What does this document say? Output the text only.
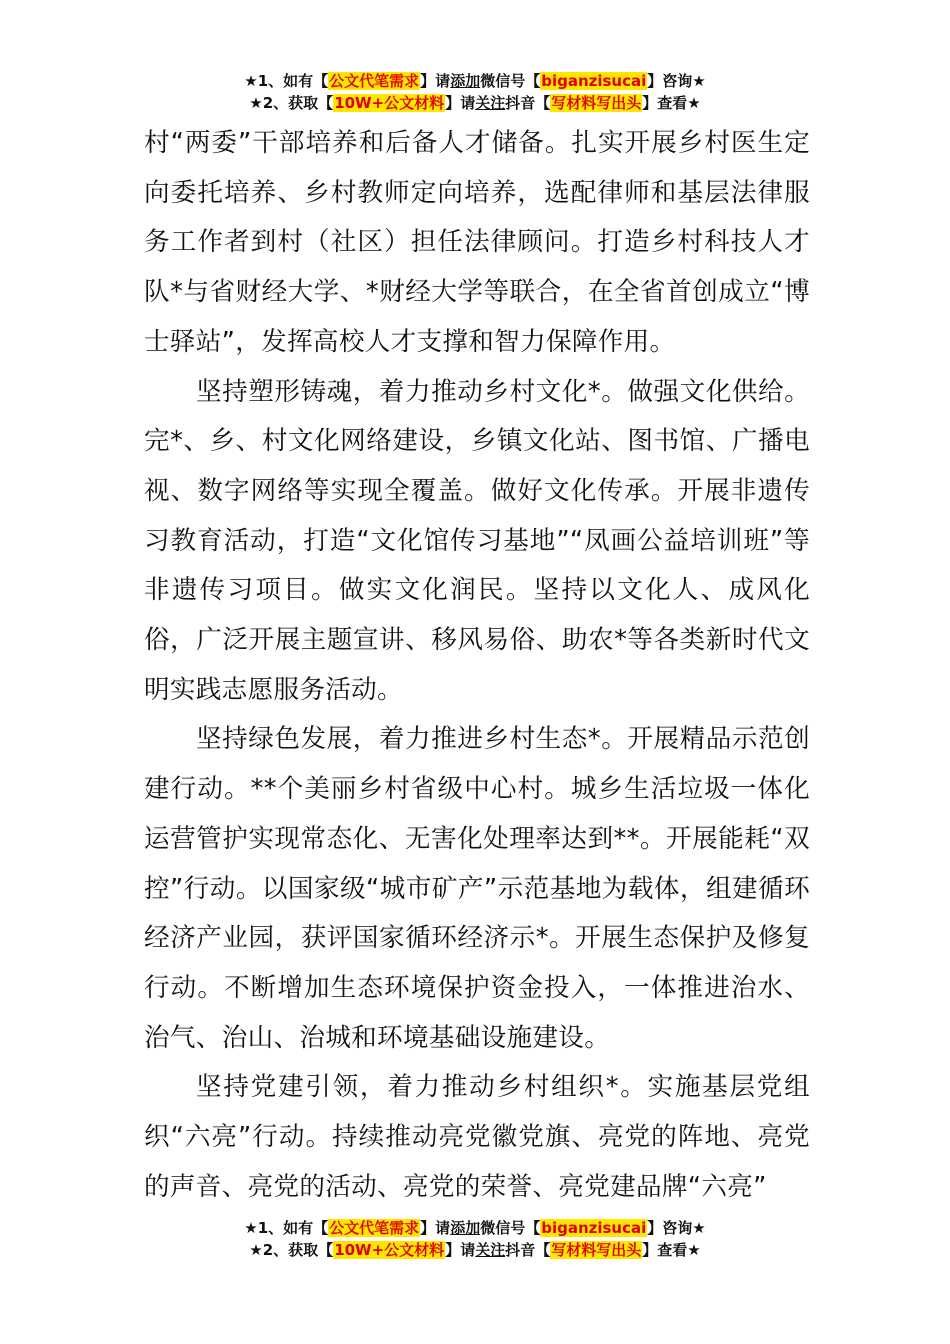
★1、如有【公文代笔需求】请添加微信号【biganzisucai】咨询★
★2、获取【10W+公文材料】请关注抖音【写材料写出头】查看★

村“两委”干部培养和后备人才储备。扎实开展乡村医生定向委托培养、乡村教师定向培养，选配律师和基层法律服务工作者到村（社区）担任法律顾问。打造乡村科技人才队*与省财经大学、*财经大学等联合，在全省首创成立“博士驿站”，发挥高校人才支撑和智力保障作用。

坚持塑形铸魂，着力推动乡村文化*。做强文化供给。完*、乡、村文化网络建设，乡镇文化站、图书馆、广播电视、数字网络等实现全覆盖。做好文化传承。开展非遗传习教育活动，打造“文化馆传习基地”“凤画公益培训班”等非遗传习项目。做实文化润民。坚持以文化人、成风化俗，广泛开展主题宣讲、移风易俗、助农*等各类新时代文明实践志愿服务活动。

坚持绿色发展，着力推进乡村生态*。开展精品示范创建行动。**个美丽乡村省级中心村。城乡生活垃圾一体化运营管护实现常态化、无害化处理率达到**。开展能耗“双控”行动。以国家级“城市矿产”示范基地为载体，组建循环经济产业园，获评国家循环经济示*。开展生态保护及修复行动。不断增加生态环境保护资金投入，一体推进治水、治气、治山、治城和环境基础设施建设。

坚持党建引领，着力推动乡村组织*。实施基层党组织“六亮”行动。持续推动亮党徽党旗、亮党的阵地、亮党的声音、亮党的活动、亮党的荣誉、亮党建品牌“六亮”

★1、如有【公文代笔需求】请添加微信号【biganzisucai】咨询★
★2、获取【10W+公文材料】请关注抖音【写材料写出头】查看★
